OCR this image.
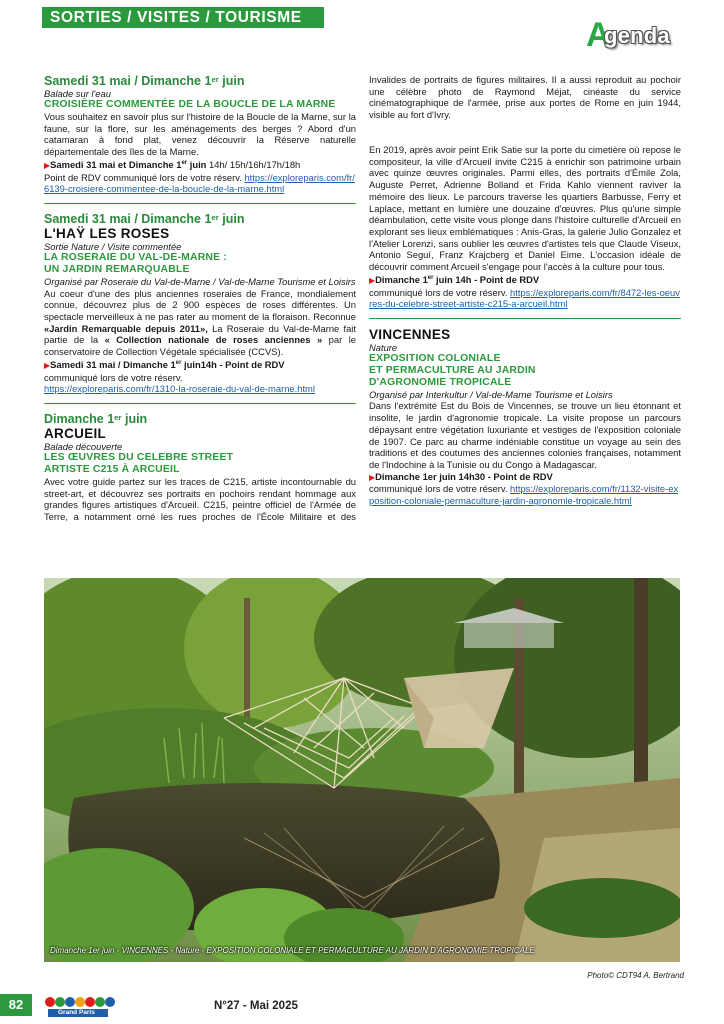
SORTIES / VISITES / TOURISME	A
genda
Samedi 31 mai / Dimanche 1er juin
Balade sur l'eau
CROISIÈRE COMMENTÉE DE LA BOUCLE DE LA MARNE
Vous souhaitez en savoir plus sur l'histoire de la Boucle de la Marne, sur la faune, sur la flore, sur les aménagements des berges ? Abord d'un catamaran à fond plat, venez découvrir la Réserve naturelle départementale des îles de la Marne.
▶Samedi 31 mai et Dimanche 1er juin 14h/ 15h/16h/17h/18h
Point de RDV communiqué lors de votre réserv. https://exploreparis.com/fr/6139-croisiere-commentee-de-la-boucle-de-la-marne.html
Samedi 31 mai / Dimanche 1er juin
L'HAŸ LES ROSES
Sortie Nature / Visite commentée
LA ROSERAIE DU VAL-DE-MARNE :
UN JARDIN REMARQUABLE
Organisé par Roseraie du Val-de-Marne / Val-de-Marne Tourisme et Loisirs
Au coeur d'une des plus anciennes roseraies de France, mondialement connue, découvrez plus de 2 900 espèces de roses différentes. Un spectacle merveilleux à ne pas rater au moment de la floraison. Reconnue «Jardin Remarquable depuis 2011», La Roseraie du Val-de-Marne fait partie de la « Collection nationale de roses anciennes » par le conservatoire de Collection Végétale spécialisée (CCVS).
▶Samedi 31 mai / Dimanche 1er juin14h - Point de RDV
communiqué lors de votre réserv.
https://exploreparis.com/fr/1310-la-roseraie-du-val-de-marne.html
Dimanche 1er juin
ARCUEIL
Balade découverte
LES ŒUVRES DU CELEBRE STREET
ARTISTE C215 À ARCUEIL
Avec votre guide partez sur les traces de C215, artiste incontournable du street-art, et découvrez ses portraits en pochoirs rendant hommage aux grandes figures artistiques d'Arcueil. C215, peintre officiel de l'Armée de Terre, a notamment orné les rues proches de l'École Militaire et des
Invalides de portraits de figures militaires. Il a aussi reproduit au pochoir une célèbre photo de Raymond Méjat, cinéaste du service cinématographique de l'armée, prise aux portes de Rome en juin 1944, visible au fort d'Ivry.
En 2019, après avoir peint Erik Satie sur la porte du cimetière où repose le compositeur, la ville d'Arcueil invite C215 à enrichir son patrimoine urbain avec quinze œuvres originales. Parmi elles, des portraits d'Émile Zola, Auguste Perret, Adrienne Bolland et Frida Kahlo viennent raviver la mémoire des lieux. Le parcours traverse les quartiers Barbusse, Ferry et Laplace, mettant en lumière une douzaine d'œuvres. Plus qu'une simple déambulation, cette visite vous plonge dans l'histoire culturelle d'Arcueil en explorant ses lieux emblématiques : Anis-Gras, la galerie Julio Gonzalez et l'Atelier Lorenzi, sans oublier les œuvres d'artistes tels que Claude Viseux, Antonio Seguí, Franz Krajcberg et Daniel Eime. L'occasion idéale de découvrir comment Arcueil s'engage pour l'accès à la culture pour tous.
▶Dimanche 1er juin 14h - Point de RDV
communiqué lors de votre réserv. https://exploreparis.com/fr/8472-les-oeuvres-du-celebre-street-artiste-c215-a-arcueil.html
VINCENNES
Nature
EXPOSITION COLONIALE
ET PERMACULTURE AU JARDIN
D'AGRONOMIE TROPICALE
Organisé par Interkultur / Val-de-Marne Tourisme et Loisirs
Dans l'extrémité Est du Bois de Vincennes, se trouve un lieu étonnant et insolite, le jardin d'agronomie tropicale. La visite propose un parcours dépaysant entre végétation luxuriante et vestiges de l'exposition coloniale de 1907. Ce parc au charme indéniable constitue un voyage au sein des traditions et des coutumes des anciennes colonies françaises, notamment de l'Indochine à la Tunisie ou du Congo à Madagascar.
▶Dimanche 1er juin 14h30 - Point de RDV
communiqué lors de votre réserv. https://exploreparis.com/fr/1132-visite-exposition-coloniale-permaculture-jardin-agronomie-tropicale.html
Dimanche 1er juin - VINCENNES - Nature - EXPOSITION COLONIALE ET PERMACULTURE AU JARDIN D'AGRONOMIE TROPICALE
Photo© CDT94 A. Bertrand
82
Grand Paris
N°27 - Mai 2025
